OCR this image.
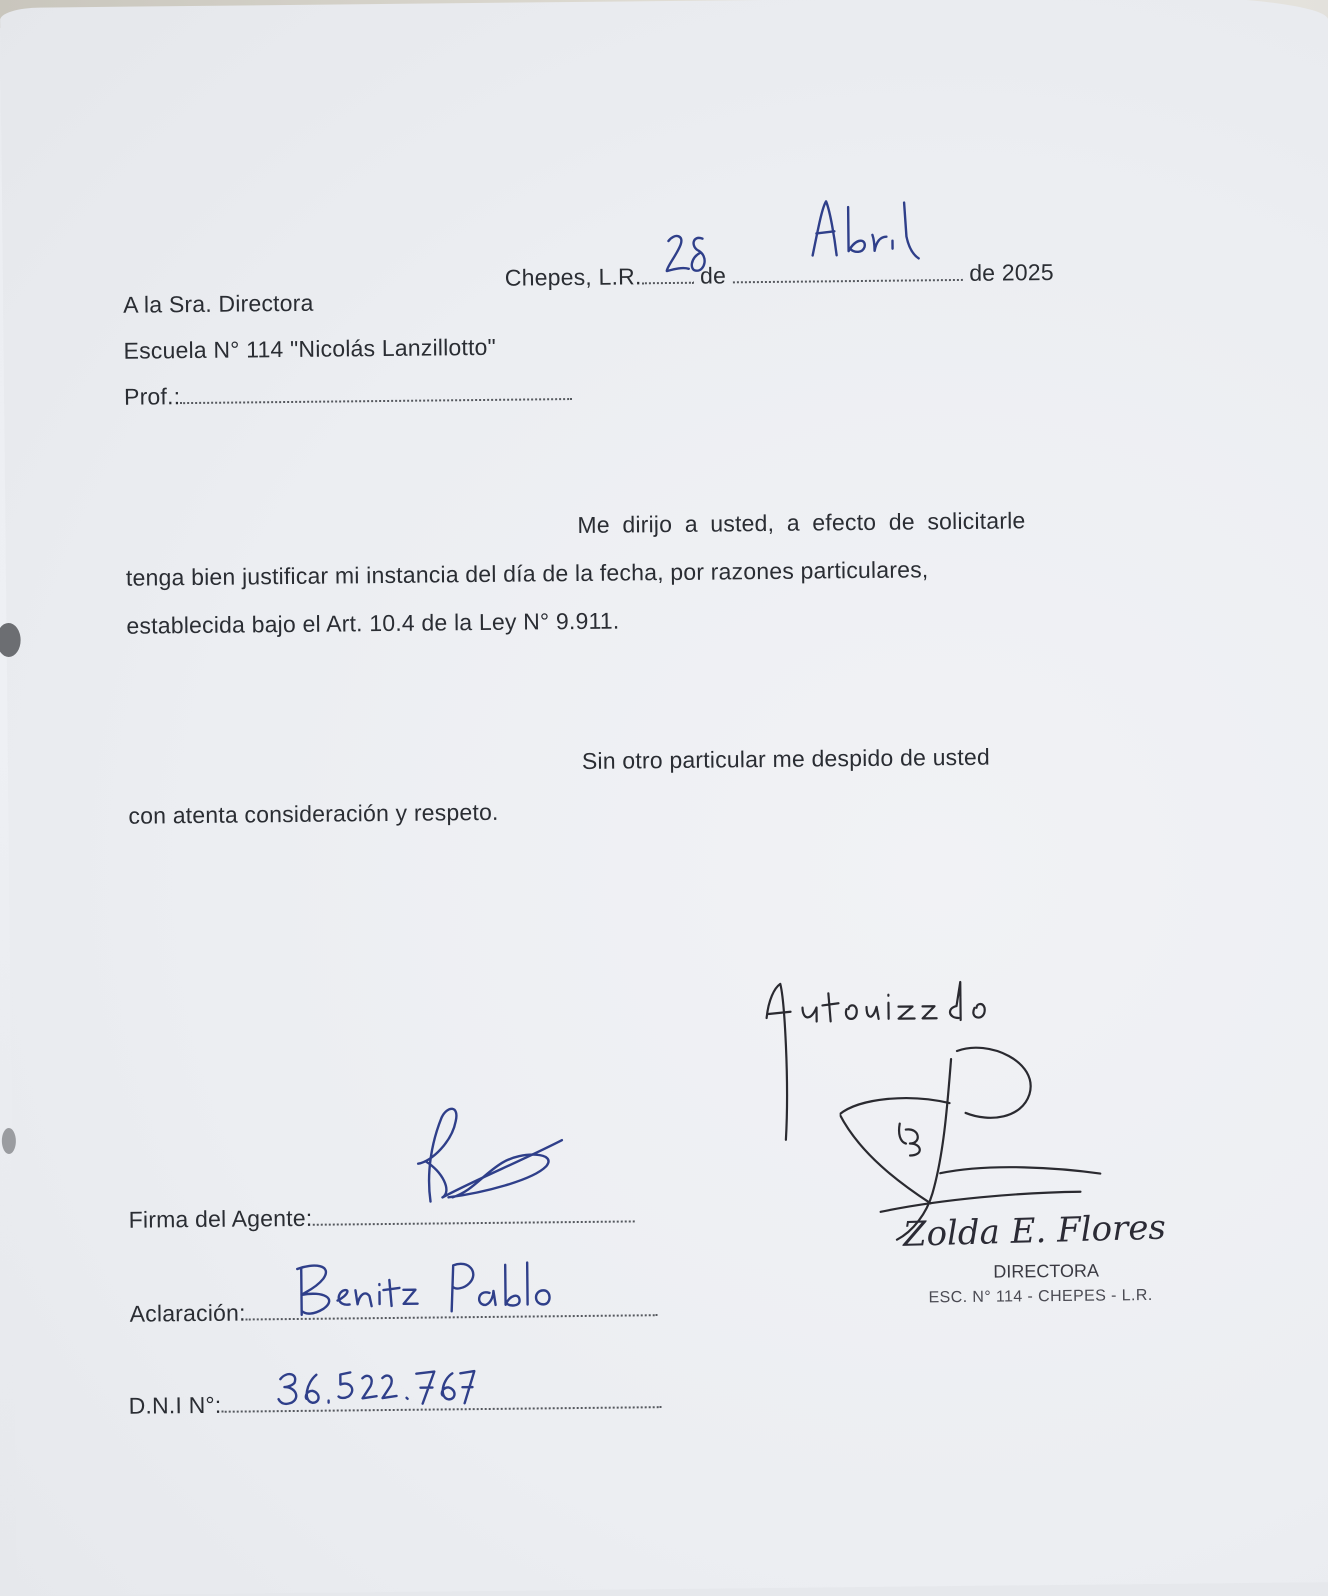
Chepes, L.R.	de	de 2025
A la Sra. Directora
Escuela N° 114 "Nicolás Lanzillotto"
Prof.:
Me dirijo a usted, a efecto de solicitarle
tenga bien justificar mi instancia del día de la fecha, por razones particulares,
establecida bajo el Art. 10.4 de la Ley N° 9.911.
Sin otro particular me despido de usted
con atenta consideración y respeto.
Zolda E. Flores
DIRECTORA
ESC. N° 114 - CHEPES - L.R.
Firma del Agente:
Aclaración:
D.N.I N°:
